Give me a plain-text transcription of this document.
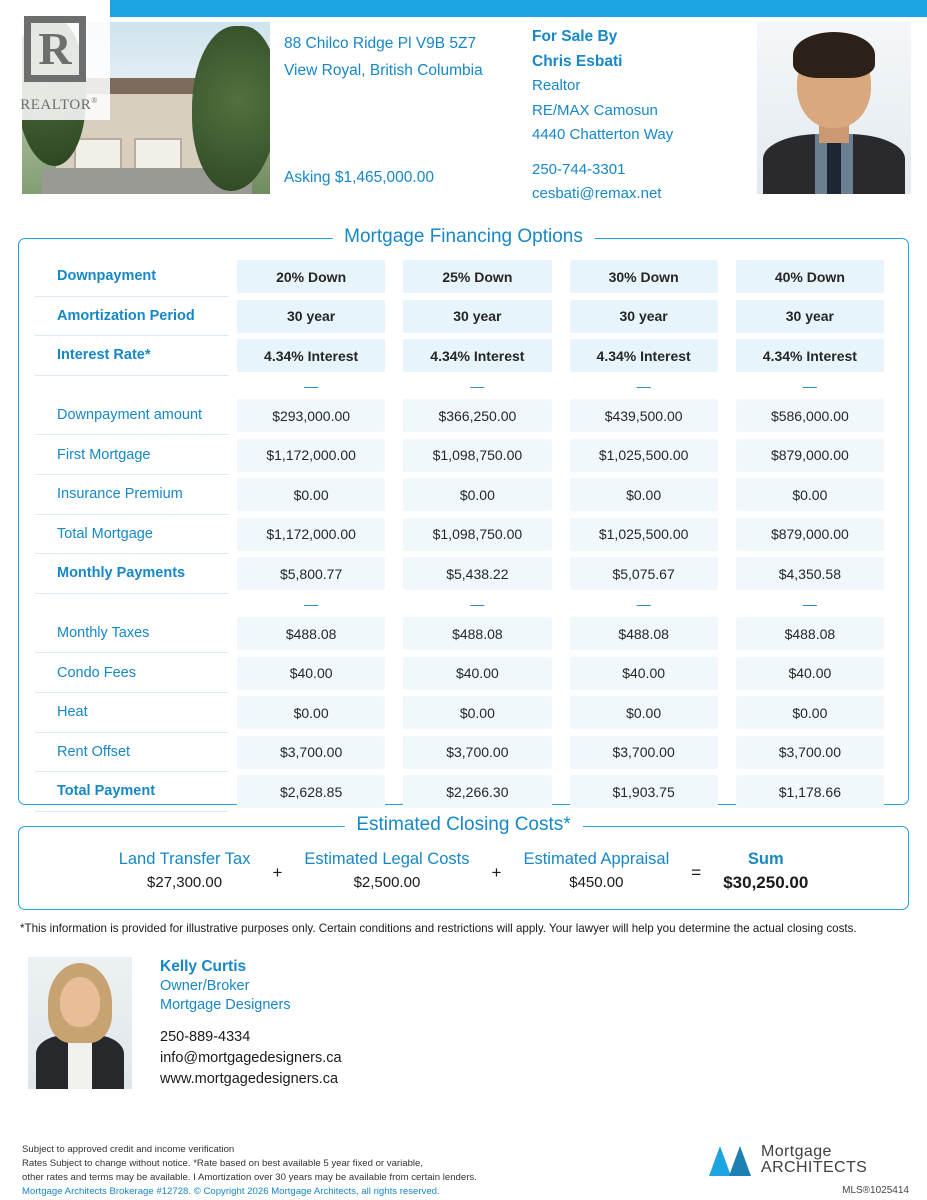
R
REALTOR®
88 Chilco Ridge Pl V9B 5Z7
View Royal, British Columbia
Asking $1,465,000.00
For Sale By
Chris Esbati
Realtor
RE/MAX Camosun
4440 Chatterton Way
250-744-3301
cesbati@remax.net
Mortgage Financing Options
Downpayment	20% Down	25% Down	30% Down	40% Down
Amortization Period	30 year	30 year	30 year	30 year
Interest Rate*	4.34% Interest	4.34% Interest	4.34% Interest	4.34% Interest
—	—	—	—
Downpayment amount	$293,000.00	$366,250.00	$439,500.00	$586,000.00
First Mortgage	$1,172,000.00	$1,098,750.00	$1,025,500.00	$879,000.00
Insurance Premium	$0.00	$0.00	$0.00	$0.00
Total Mortgage	$1,172,000.00	$1,098,750.00	$1,025,500.00	$879,000.00
Monthly Payments	$5,800.77	$5,438.22	$5,075.67	$4,350.58
—	—	—	—
Monthly Taxes	$488.08	$488.08	$488.08	$488.08
Condo Fees	$40.00	$40.00	$40.00	$40.00
Heat	$0.00	$0.00	$0.00	$0.00
Rent Offset	$3,700.00	$3,700.00	$3,700.00	$3,700.00
Total Payment	$2,628.85	$2,266.30	$1,903.75	$1,178.66
Estimated Closing Costs*
Land Transfer Tax
$27,300.00
+
Estimated Legal Costs
$2,500.00
+
Estimated Appraisal
$450.00
=
Sum
$30,250.00
*This information is provided for illustrative purposes only. Certain conditions and restrictions will apply. Your lawyer will help you determine the actual closing costs.
Kelly Curtis
Owner/Broker
Mortgage Designers
250-889-4334
info@mortgagedesigners.ca
www.mortgagedesigners.ca
Subject to approved credit and income verification
Rates Subject to change without notice. *Rate based on best available 5 year fixed or variable,
other rates and terms may be available. I Amortization over 30 years may be available from certain lenders.
Mortgage Architects Brokerage #12728. © Copyright 2026 Mortgage Architects, all rights reserved.
Mortgage
ARCHITECTS
MLS®1025414
